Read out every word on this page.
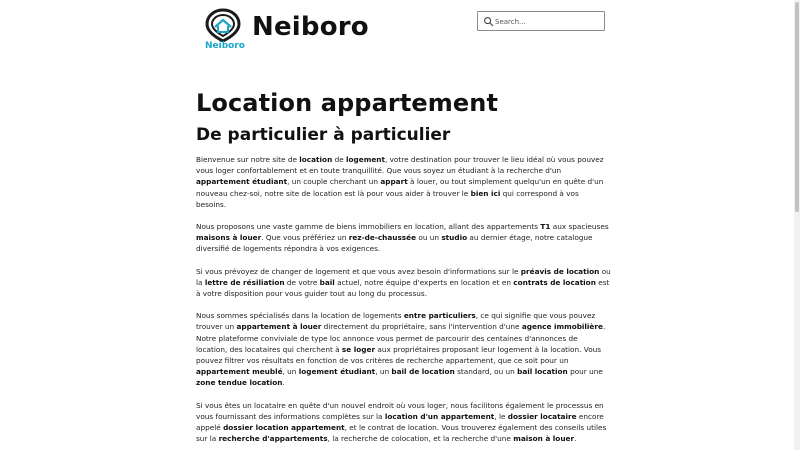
Neiboro
Neiboro
Search...
Location appartement
De particulier à particulier

Bienvenue sur notre site de location de logement, votre destination pour trouver le lieu idéal où vous pouvez vous loger confortablement et en toute tranquillité. Que vous soyez un étudiant à la recherche d'un appartement étudiant, un couple cherchant un appart à louer, ou tout simplement quelqu'un en quête d'un nouveau chez-soi, notre site de location est là pour vous aider à trouver le bien ici qui correspond à vos besoins.

Nous proposons une vaste gamme de biens immobiliers en location, allant des appartements T1 aux spacieuses maisons à louer. Que vous préfériez un rez-de-chaussée ou un studio au dernier étage, notre catalogue diversifié de logements répondra à vos exigences.

Si vous prévoyez de changer de logement et que vous avez besoin d'informations sur le préavis de location ou la lettre de résiliation de votre bail actuel, notre équipe d'experts en location et en contrats de location est à votre disposition pour vous guider tout au long du processus.

Nous sommes spécialisés dans la location de logements entre particuliers, ce qui signifie que vous pouvez trouver un appartement à louer directement du propriétaire, sans l'intervention d'une agence immobilière. Notre plateforme conviviale de type loc annonce vous permet de parcourir des centaines d'annonces de location, des locataires qui cherchent à se loger aux propriétaires proposant leur logement à la location. Vous pouvez filtrer vos résultats en fonction de vos critères de recherche appartement, que ce soit pour un appartement meublé, un logement étudiant, un bail de location standard, ou un bail location pour une zone tendue location.

Si vous êtes un locataire en quête d'un nouvel endroit où vous loger, nous facilitons également le processus en vous fournissant des informations complètes sur la location d'un appartement, le dossier locataire encore appelé dossier location appartement, et le contrat de location. Vous trouverez également des conseils utiles sur la recherche d'appartements, la recherche de colocation, et la recherche d'une maison à louer.
